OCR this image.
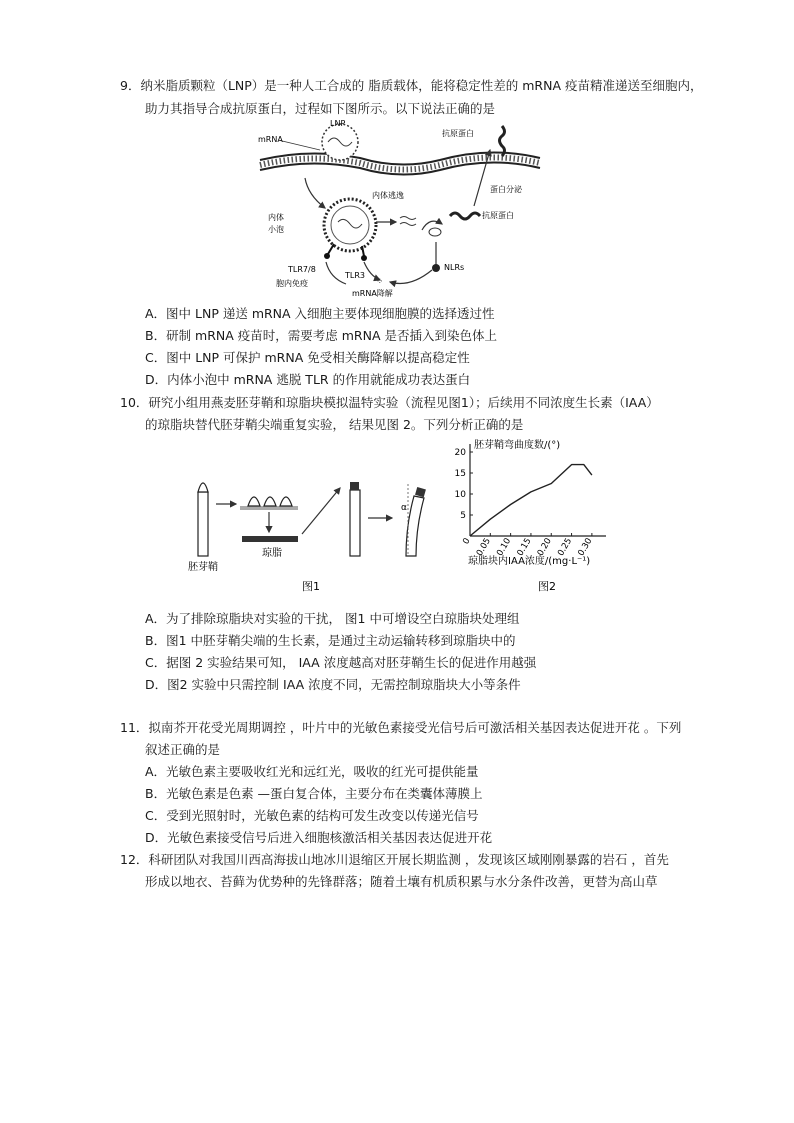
9．纳米脂质颗粒（LNP）是一种人工合成的 脂质载体，能将稳定性差的 mRNA 疫苗精准递送至细胞内，
助力其指导合成抗原蛋白，过程如下图所示。以下说法正确的是
LNP
mRNA
内体
小泡
TLR7/8
TLR3
内体逃逸
抗原蛋白
蛋白分泌
抗原蛋白
NLRs
⁘
胞内免疫
mRNA降解
A．图中 LNP 递送 mRNA 入细胞主要体现细胞膜的选择透过性
B．研制 mRNA 疫苗时，需要考虑 mRNA 是否插入到染色体上
C．图中 LNP 可保护 mRNA 免受相关酶降解以提高稳定性
D．内体小泡中 mRNA 逃脱 TLR 的作用就能成功表达蛋白
10．研究小组用燕麦胚芽鞘和琼脂块模拟温特实验（流程见图1）；后续用不同浓度生长素（IAA）
的琼脂块替代胚芽鞘尖端重复实验， 结果见图 2。下列分析正确的是
胚芽鞘
琼脂
α
图1
胚芽鞘弯曲度数/(°)
琼脂块内IAA浓度/(mg·L⁻¹)
图2
5
10
15
20
0 0.05 0.10 0.15 0.20 0.25 0.30
A．为了排除琼脂块对实验的干扰， 图1 中可增设空白琼脂块处理组
B．图1 中胚芽鞘尖端的生长素，是通过主动运输转移到琼脂块中的
C．据图 2 实验结果可知， IAA 浓度越高对胚芽鞘生长的促进作用越强
D．图2 实验中只需控制 IAA 浓度不同，无需控制琼脂块大小等条件
11．拟南芥开花受光周期调控 ，叶片中的光敏色素接受光信号后可激活相关基因表达促进开花 。下列
叙述正确的是
A．光敏色素主要吸收红光和远红光，吸收的红光可提供能量
B．光敏色素是色素 —蛋白复合体，主要分布在类囊体薄膜上
C．受到光照射时，光敏色素的结构可发生改变以传递光信号
D．光敏色素接受信号后进入细胞核激活相关基因表达促进开花
12．科研团队对我国川西高海拔山地冰川退缩区开展长期监测 ，发现该区域刚刚暴露的岩石 ，首先
形成以地衣、苔藓为优势种的先锋群落；随着土壤有机质积累与水分条件改善，更替为高山草
